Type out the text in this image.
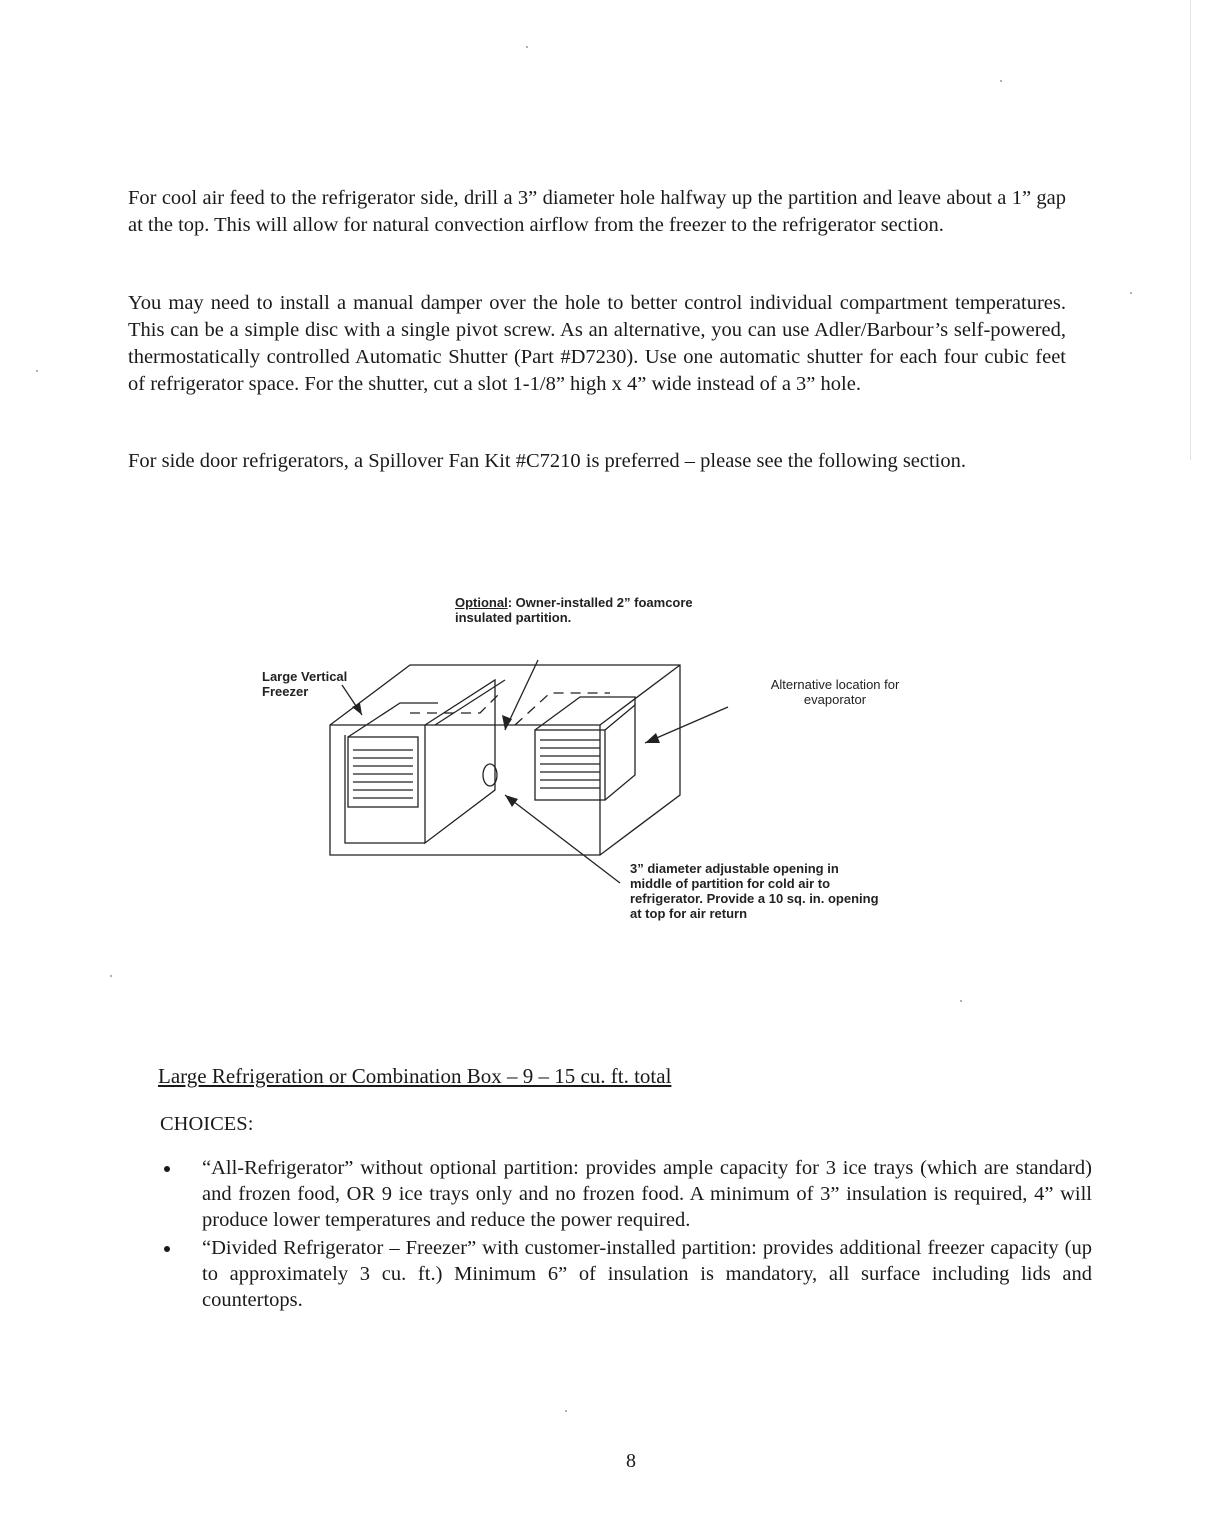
For cool air feed to the refrigerator side, drill a 3” diameter hole halfway up the partition and leave about a 1” gap at the top. This will allow for natural convection airflow from the freezer to the refrigerator section.

You may need to install a manual damper over the hole to better control individual compartment temperatures. This can be a simple disc with a single pivot screw. As an alternative, you can use Adler/Barbour’s self-powered, thermostatically controlled Automatic Shutter (Part #D7230). Use one automatic shutter for each four cubic feet of refrigerator space. For the shutter, cut a slot 1-1/8” high x 4” wide instead of a 3” hole.

For side door refrigerators, a Spillover Fan Kit #C7210 is preferred – please see the following section.

Optional: Owner-installed 2” foamcore insulated partition.
Large Vertical Freezer	Alternative location for evaporator
3” diameter adjustable opening in middle of partition for cold air to refrigerator. Provide a 10 sq. in. opening at top for air return

Large Refrigeration or Combination Box – 9 – 15 cu. ft. total

CHOICES:

“All-Refrigerator” without optional partition: provides ample capacity for 3 ice trays (which are standard) and frozen food, OR 9 ice trays only and no frozen food. A minimum of 3” insulation is required, 4” will produce lower temperatures and reduce the power required.
“Divided Refrigerator – Freezer” with customer-installed partition: provides additional freezer capacity (up to approximately 3 cu. ft.) Minimum 6” of insulation is mandatory, all surface including lids and countertops.

8
